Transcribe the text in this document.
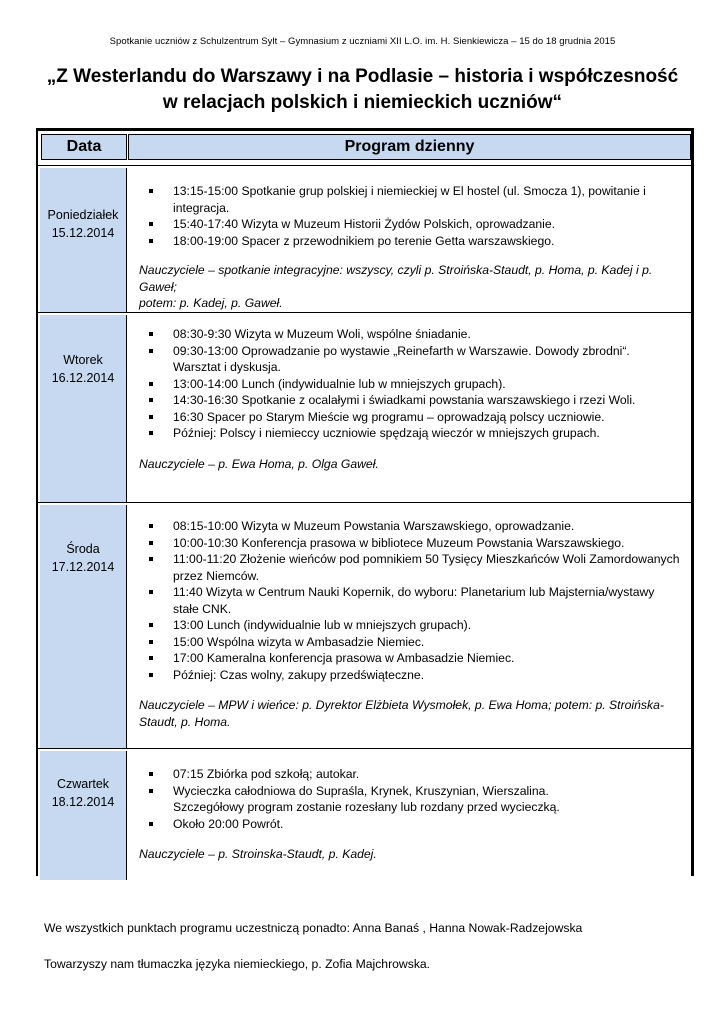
Spotkanie uczniów z Schulzentrum Sylt – Gymnasium z uczniami XII L.O. im. H. Sienkiewicza – 15 do 18 grudnia 2015
„Z Westerlandu do Warszawy i na Podlasie – historia i współczesność
w relacjach polskich i niemieckich uczniów“
Data	Program dzienny
Poniedziałek
15.12.2014
13:15-15:00 Spotkanie grup polskiej i niemieckiej w El hostel (ul. Smocza 1), powitanie i
integracja.
15:40-17:40 Wizyta w Muzeum Historii Żydów Polskich, oprowadzanie.
18:00-19:00 Spacer z przewodnikiem po terenie Getta warszawskiego.
Nauczyciele – spotkanie integracyjne: wszyscy, czyli p. Stroińska-Staudt, p. Homa, p. Kadej i p. Gaweł;
potem: p. Kadej, p. Gaweł.
Wtorek
16.12.2014
08:30-9:30 Wizyta w Muzeum Woli, wspólne śniadanie.
09:30-13:00 Oprowadzanie po wystawie „Reinefarth w Warszawie. Dowody zbrodni“.
Warsztat i dyskusja.
13:00-14:00 Lunch (indywidualnie lub w mniejszych grupach).
14:30-16:30 Spotkanie z ocalałymi i świadkami powstania warszawskiego i rzezi Woli.
16:30 Spacer po Starym Mieście wg programu – oprowadzają polscy uczniowie.
Później: Polscy i niemieccy uczniowie spędzają wieczór w mniejszych grupach.
Nauczyciele – p. Ewa Homa, p. Olga Gaweł.
Środa
17.12.2014
08:15-10:00 Wizyta w Muzeum Powstania Warszawskiego, oprowadzanie.
10:00-10:30 Konferencja prasowa w bibliotece Muzeum Powstania Warszawskiego.
11:00-11:20 Złożenie wieńców pod pomnikiem 50 Tysięcy Mieszkańców Woli Zamordowanych
przez Niemców.
11:40 Wizyta w Centrum Nauki Kopernik, do wyboru: Planetarium lub Majsternia/wystawy
stałe CNK.
13:00 Lunch (indywidualnie lub w mniejszych grupach).
15:00 Wspólna wizyta w Ambasadzie Niemiec.
17:00 Kameralna konferencja prasowa w Ambasadzie Niemiec.
Później: Czas wolny, zakupy przedświąteczne.
Nauczyciele – MPW i wieńce: p. Dyrektor Elżbieta Wysmołek, p. Ewa Homa; potem: p. Stroińska-
Staudt, p. Homa.
Czwartek
18.12.2014
07:15 Zbiórka pod szkołą; autokar.
Wycieczka całodniowa do Supraśla, Krynek, Kruszynian, Wierszalina.
Szczegółowy program zostanie rozesłany lub rozdany przed wycieczką.
Około 20:00 Powrót.
Nauczyciele – p. Stroinska-Staudt, p. Kadej.
We wszystkich punktach programu uczestniczą ponadto: Anna Banaś , Hanna Nowak-Radzejowska
Towarzyszy nam tłumaczka języka niemieckiego, p. Zofia Majchrowska.
